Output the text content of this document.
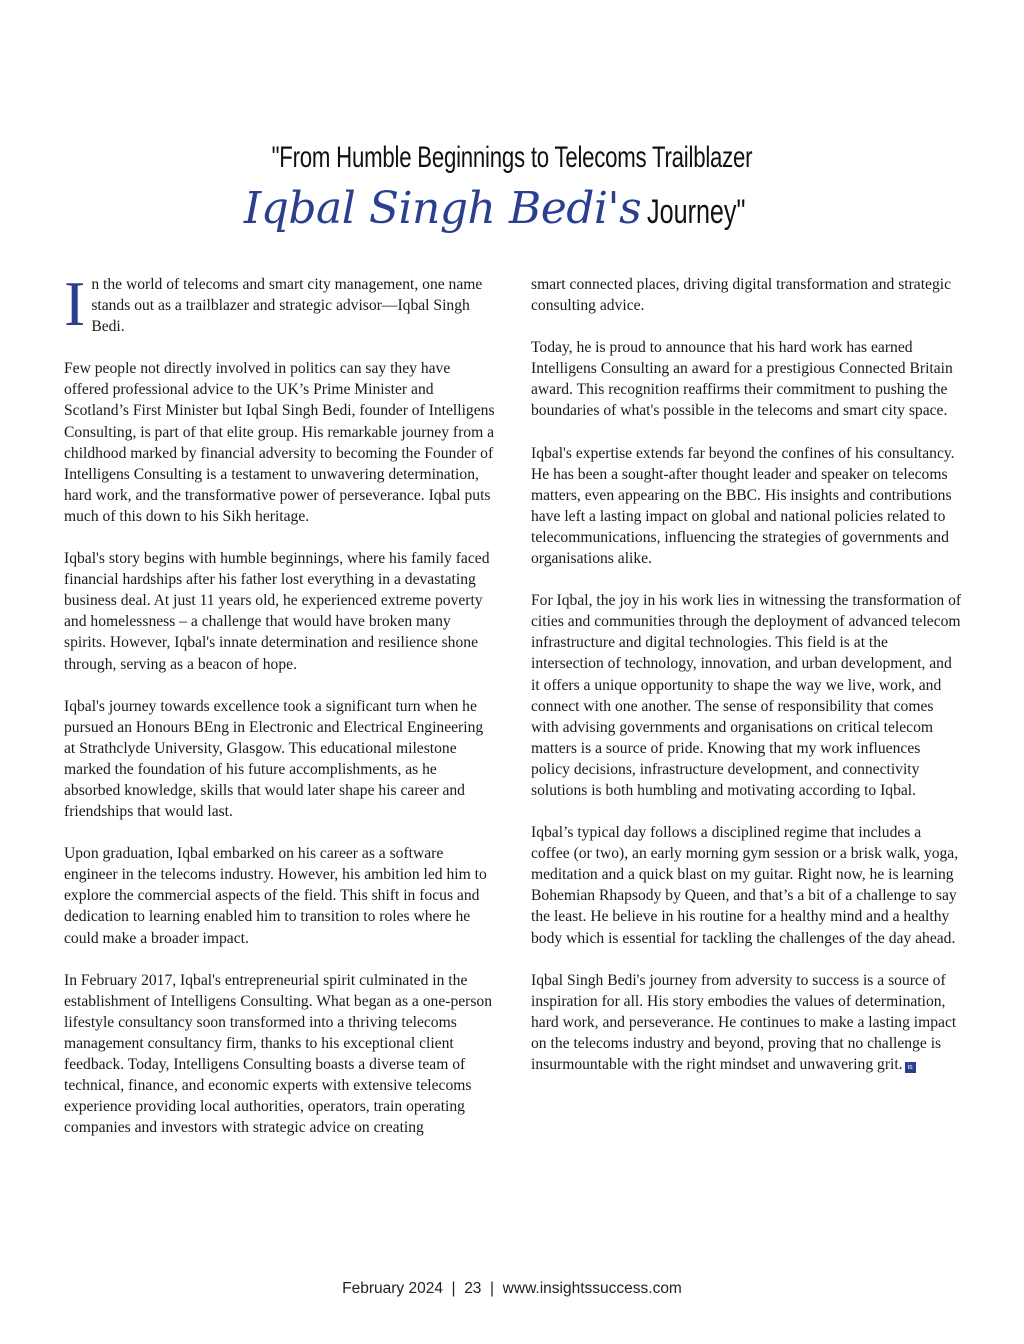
"From Humble Beginnings to Telecoms Trailblazer
Iqbal Singh Bedi's Journey"

In the world of telecoms and smart city management, one name stands out as a trailblazer and strategic advisor—Iqbal Singh Bedi.

Few people not directly involved in politics can say they have offered professional advice to the UK’s Prime Minister and Scotland’s First Minister but Iqbal Singh Bedi, founder of Intelligens Consulting, is part of that elite group. His remarkable journey from a childhood marked by financial adversity to becoming the Founder of Intelligens Consulting is a testament to unwavering determination, hard work, and the transformative power of perseverance. Iqbal puts much of this down to his Sikh heritage.

Iqbal's story begins with humble beginnings, where his family faced financial hardships after his father lost everything in a devastating business deal. At just 11 years old, he experienced extreme poverty and homelessness – a challenge that would have broken many spirits. However, Iqbal's innate determination and resilience shone through, serving as a beacon of hope.

Iqbal's journey towards excellence took a significant turn when he pursued an Honours BEng in Electronic and Electrical Engineering at Strathclyde University, Glasgow. This educational milestone marked the foundation of his future accomplishments, as he absorbed knowledge, skills that would later shape his career and friendships that would last.

Upon graduation, Iqbal embarked on his career as a software engineer in the telecoms industry. However, his ambition led him to explore the commercial aspects of the field. This shift in focus and dedication to learning enabled him to transition to roles where he could make a broader impact.

In February 2017, Iqbal's entrepreneurial spirit culminated in the establishment of Intelligens Consulting. What began as a one-person lifestyle consultancy soon transformed into a thriving telecoms management consultancy firm, thanks to his exceptional client feedback. Today, Intelligens Consulting boasts a diverse team of technical, finance, and economic experts with extensive telecoms experience providing local authorities, operators, train operating companies and investors with strategic advice on creating

smart connected places, driving digital transformation and strategic consulting advice.

Today, he is proud to announce that his hard work has earned Intelligens Consulting an award for a prestigious Connected Britain award. This recognition reaffirms their commitment to pushing the boundaries of what's possible in the telecoms and smart city space.

Iqbal's expertise extends far beyond the confines of his consultancy. He has been a sought-after thought leader and speaker on telecoms matters, even appearing on the BBC. His insights and contributions have left a lasting impact on global and national policies related to telecommunications, influencing the strategies of governments and organisations alike.

For Iqbal, the joy in his work lies in witnessing the transformation of cities and communities through the deployment of advanced telecom infrastructure and digital technologies. This field is at the intersection of technology, innovation, and urban development, and it offers a unique opportunity to shape the way we live, work, and connect with one another. The sense of responsibility that comes with advising governments and organisations on critical telecom matters is a source of pride. Knowing that my work influences policy decisions, infrastructure development, and connectivity solutions is both humbling and motivating according to Iqbal.

Iqbal’s typical day follows a disciplined regime that includes a coffee (or two), an early morning gym session or a brisk walk, yoga, meditation and a quick blast on my guitar. Right now, he is learning Bohemian Rhapsody by Queen, and that’s a bit of a challenge to say the least. He believe in his routine for a healthy mind and a healthy body which is essential for tackling the challenges of the day ahead.

Iqbal Singh Bedi's journey from adversity to success is a source of inspiration for all. His story embodies the values of determination, hard work, and perseverance. He continues to make a lasting impact on the telecoms industry and beyond, proving that no challenge is insurmountable with the right mindset and unwavering grit. is

February 2024  |  23  |  www.insightssuccess.com
